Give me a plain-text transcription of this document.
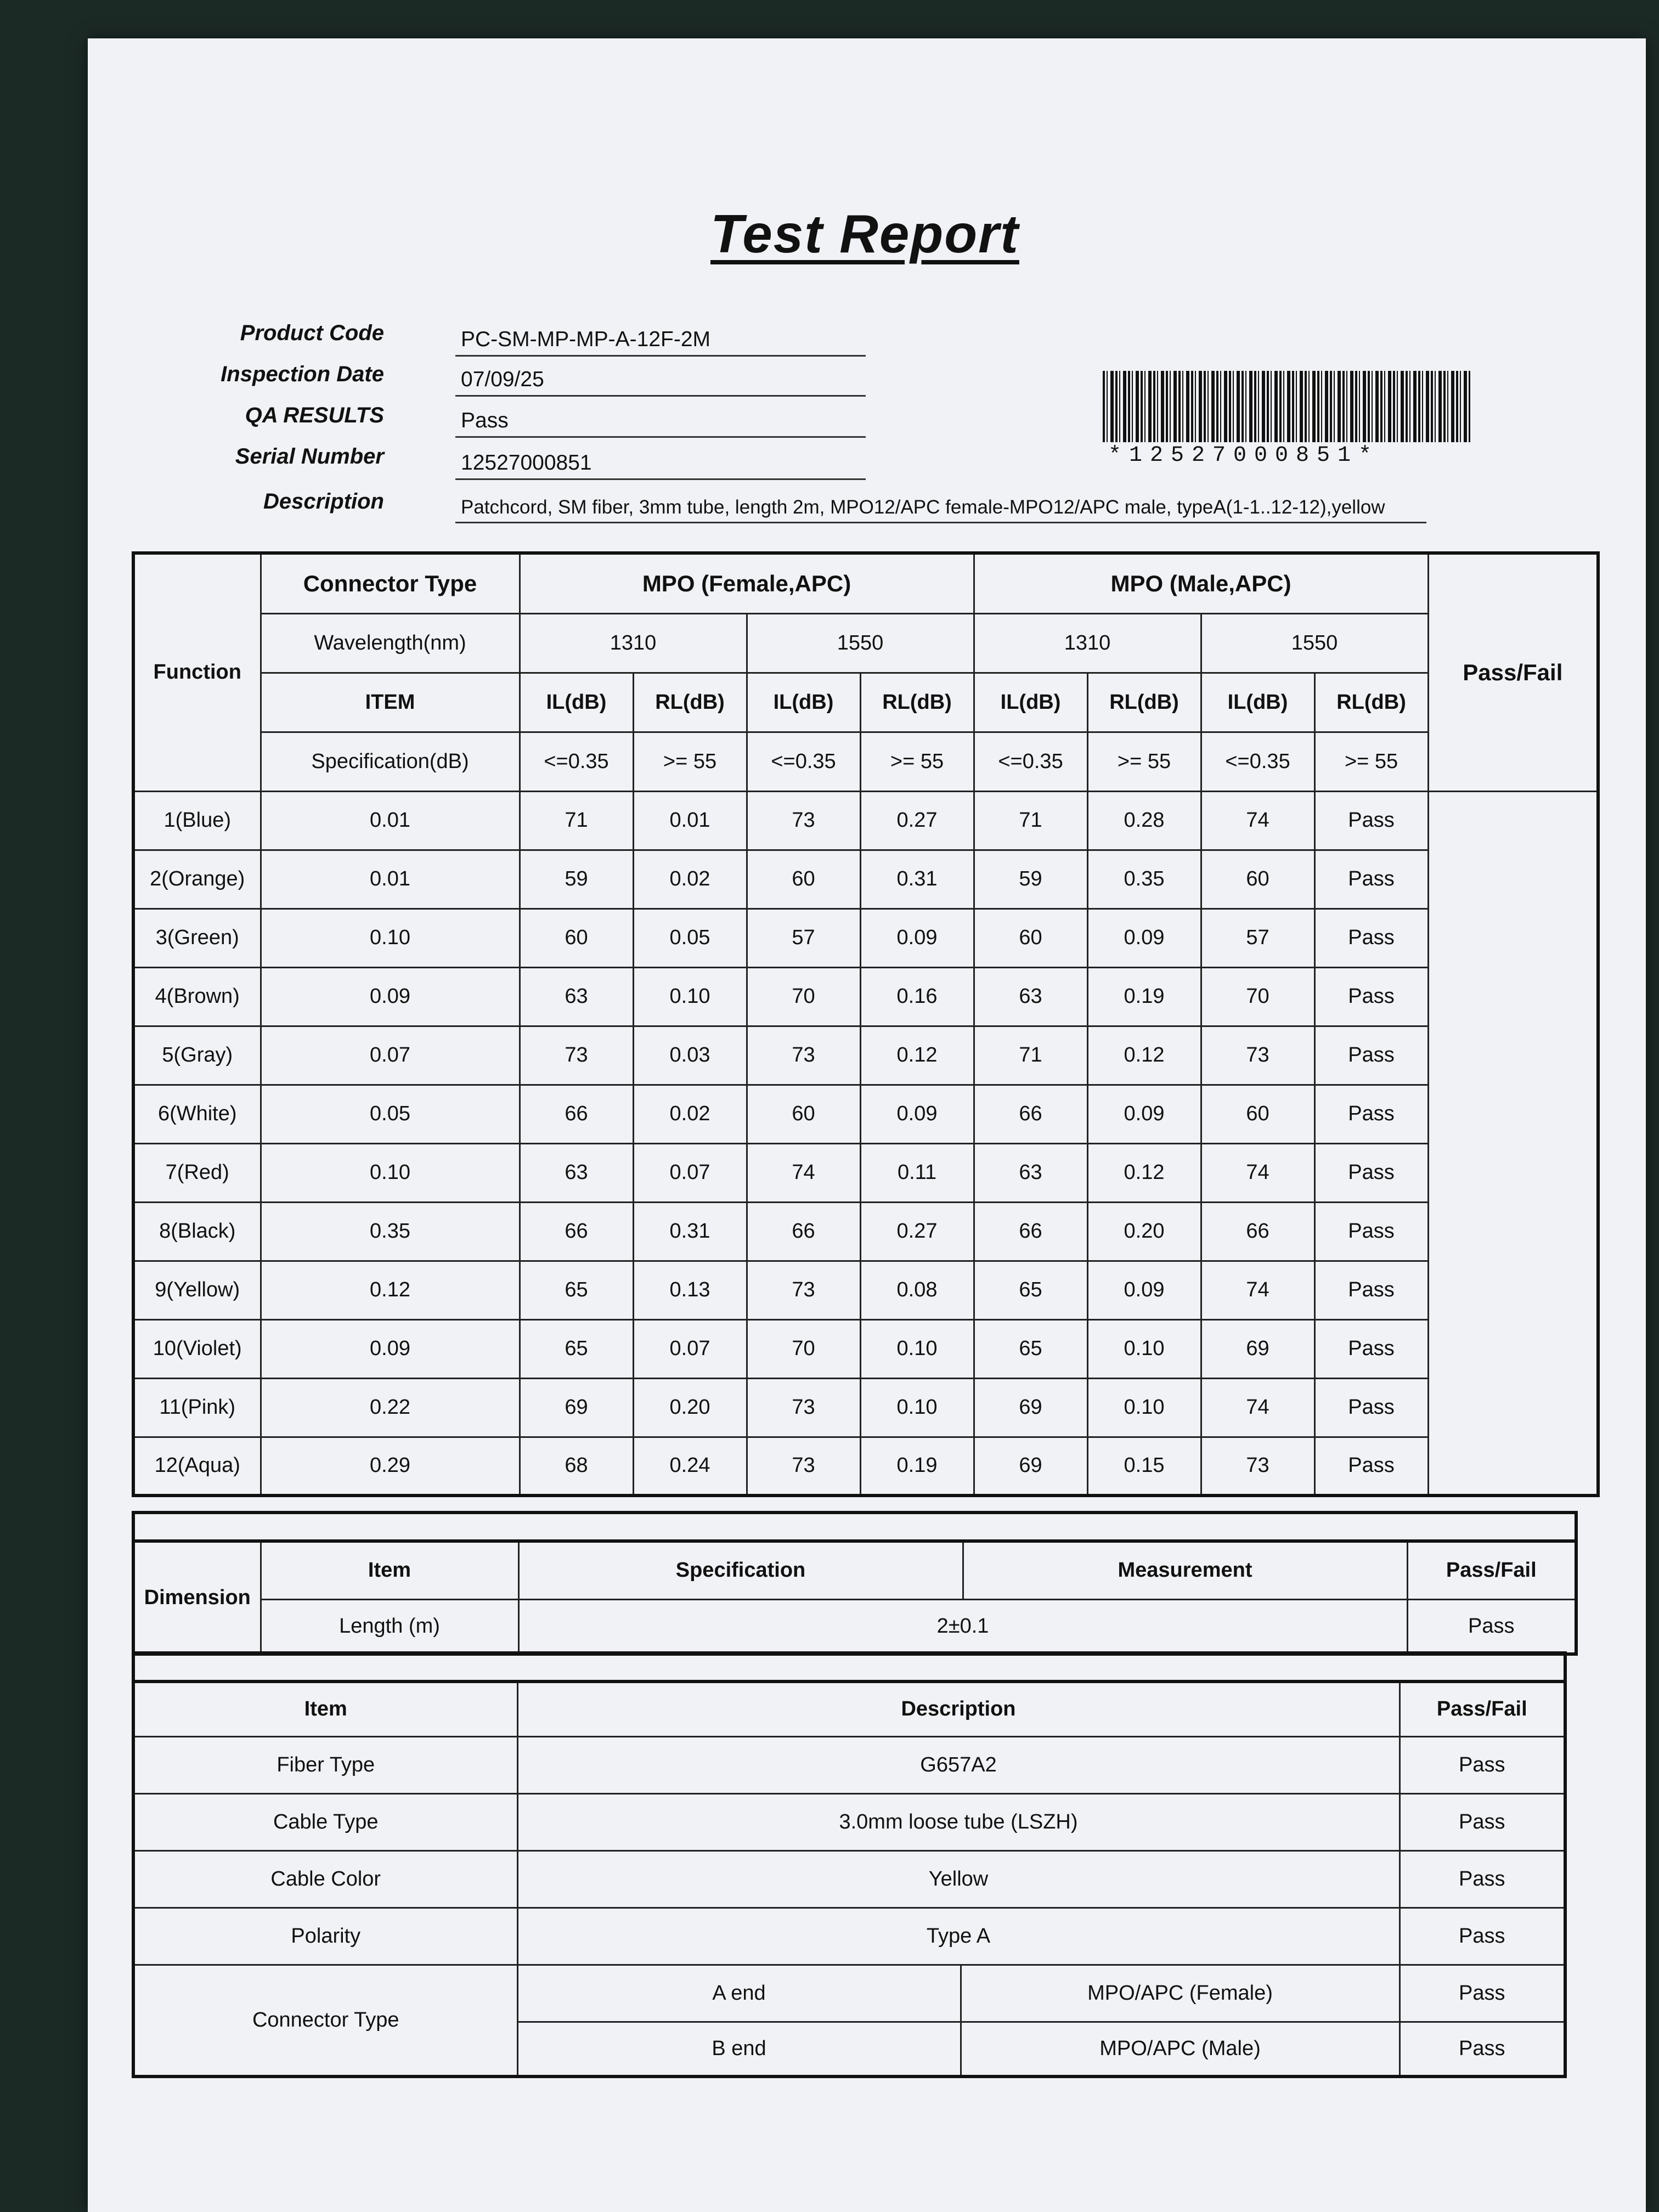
Test Report
Product Code	PC-SM-MP-MP-A-12F-2M
Inspection Date	07/09/25
QA RESULTS	Pass
Serial Number	12527000851
Description	Patchcord, SM fiber, 3mm tube, length 2m, MPO12/APC female-MPO12/APC male, typeA(1-1..12-12),yellow
*12527000851*
Function	Connector Type	MPO (Female,APC)				MPO (Male,APC)				Pass/Fail
	Wavelength(nm)	1310		1550		1310		1550		
	ITEM	IL(dB)	RL(dB)	IL(dB)	RL(dB)	IL(dB)	RL(dB)	IL(dB)	RL(dB)	
	Specification(dB)	<=0.35	>= 55	<=0.35	>= 55	<=0.35	>= 55	<=0.35	>= 55	
1(Blue)	0.01	71	0.01	73	0.27	71	0.28	74	Pass	
2(Orange)	0.01	59	0.02	60	0.31	59	0.35	60	Pass	
3(Green)	0.10	60	0.05	57	0.09	60	0.09	57	Pass	
4(Brown)	0.09	63	0.10	70	0.16	63	0.19	70	Pass	
5(Gray)	0.07	73	0.03	73	0.12	71	0.12	73	Pass	
6(White)	0.05	66	0.02	60	0.09	66	0.09	60	Pass	
7(Red)	0.10	63	0.07	74	0.11	63	0.12	74	Pass	
8(Black)	0.35	66	0.31	66	0.27	66	0.20	66	Pass	
9(Yellow)	0.12	65	0.13	73	0.08	65	0.09	74	Pass	
10(Violet)	0.09	65	0.07	70	0.10	65	0.10	69	Pass	
11(Pink)	0.22	69	0.20	73	0.10	69	0.10	74	Pass	
12(Aqua)	0.29	68	0.24	73	0.19	69	0.15	73	Pass	

Dimension	Item	Specification	Measurement	Pass/Fail
	Length (m)	2±0.1		Pass

Item	Description		Pass/Fail
Fiber Type	G657A2		Pass
Cable Type	3.0mm loose tube (LSZH)		Pass
Cable Color	Yellow		Pass
Polarity	Type A		Pass
Connector Type	A end	MPO/APC (Female)	Pass
	B end	MPO/APC (Male)	Pass
